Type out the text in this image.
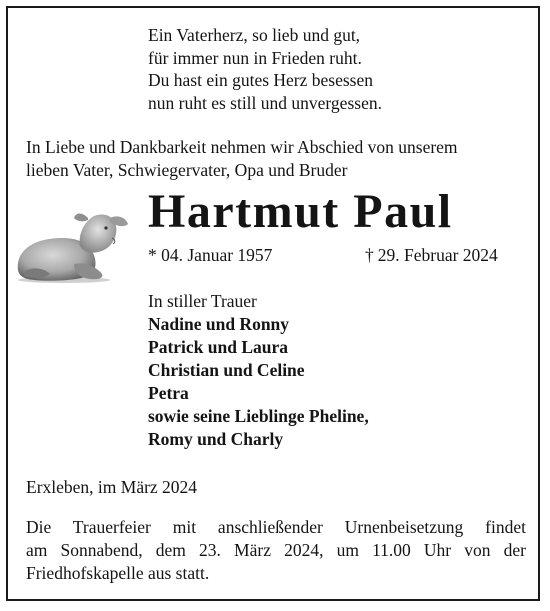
Ein Vaterherz, so lieb und gut,
für immer nun in Frieden ruht.
Du hast ein gutes Herz besessen
nun ruht es still und unvergessen.
In Liebe und Dankbarkeit nehmen wir Abschied von unserem
lieben Vater, Schwiegervater, Opa und Bruder
Hartmut Paul
* 04. Januar 1957	† 29. Februar 2024
In stiller Trauer
Nadine und Ronny
Patrick und Laura
Christian und Celine
Petra
sowie seine Lieblinge Pheline,
Romy und Charly
Erxleben, im März 2024
Die Trauerfeier mit anschließender Urnenbeisetzung findet
am Sonnabend, dem 23. März 2024, um 11.00 Uhr von der
Friedhofskapelle aus statt.
